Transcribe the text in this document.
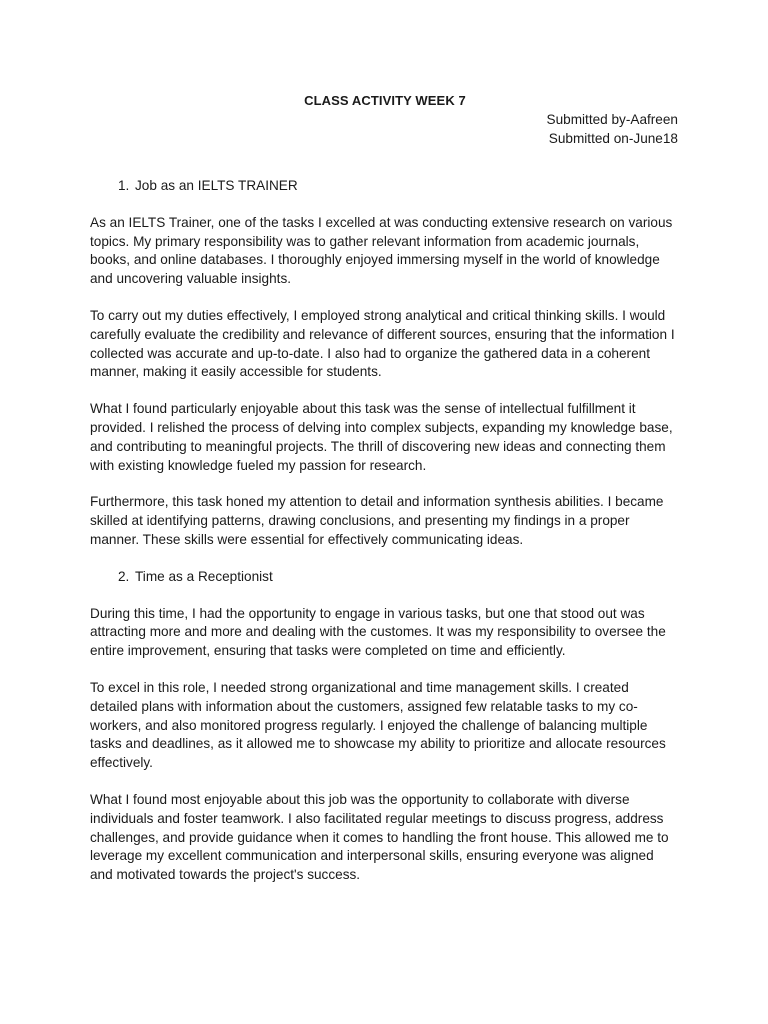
CLASS ACTIVITY WEEK 7
Submitted by-Aafreen
Submitted on-June18
1. Job as an IELTS TRAINER

As an IELTS Trainer, one of the tasks I excelled at was conducting extensive research on various topics. My primary responsibility was to gather relevant information from academic journals, books, and online databases. I thoroughly enjoyed immersing myself in the world of knowledge and uncovering valuable insights.

To carry out my duties effectively, I employed strong analytical and critical thinking skills. I would carefully evaluate the credibility and relevance of different sources, ensuring that the information I collected was accurate and up-to-date. I also had to organize the gathered data in a coherent manner, making it easily accessible for students.

What I found particularly enjoyable about this task was the sense of intellectual fulfillment it provided. I relished the process of delving into complex subjects, expanding my knowledge base, and contributing to meaningful projects. The thrill of discovering new ideas and connecting them with existing knowledge fueled my passion for research.

Furthermore, this task honed my attention to detail and information synthesis abilities. I became skilled at identifying patterns, drawing conclusions, and presenting my findings in a proper manner. These skills were essential for effectively communicating ideas.

2. Time as a Receptionist

During this time, I had the opportunity to engage in various tasks, but one that stood out was attracting more and more and dealing with the customes. It was my responsibility to oversee the entire improvement, ensuring that tasks were completed on time and efficiently.

To excel in this role, I needed strong organizational and time management skills. I created detailed plans with information about the customers, assigned few relatable tasks to my co-workers, and also monitored progress regularly. I enjoyed the challenge of balancing multiple tasks and deadlines, as it allowed me to showcase my ability to prioritize and allocate resources effectively.

What I found most enjoyable about this job was the opportunity to collaborate with diverse individuals and foster teamwork. I also facilitated regular meetings to discuss progress, address challenges, and provide guidance when it comes to handling the front house. This allowed me to leverage my excellent communication and interpersonal skills, ensuring everyone was aligned and motivated towards the project's success.
